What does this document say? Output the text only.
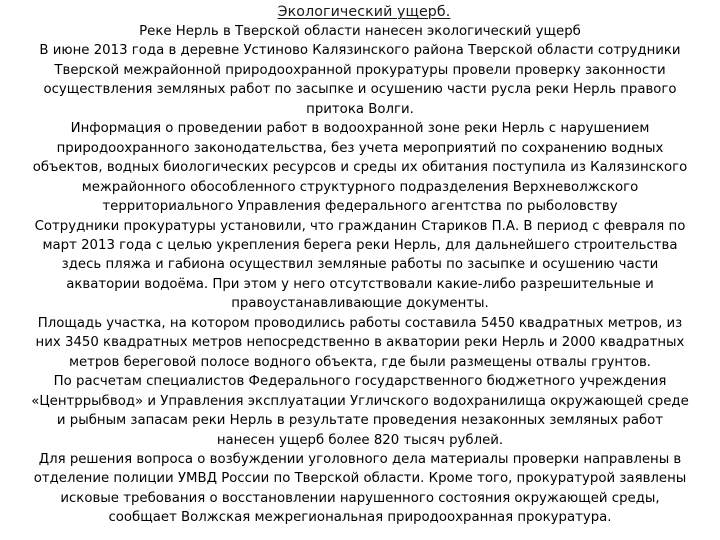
Экологический ущерб.

Реке Нерль в Тверской области нанесен экологический ущерб

В июне 2013 года в деревне Устиново Калязинского района Тверской области сотрудники Тверской межрайонной природоохранной прокуратуры провели проверку законности осуществления земляных работ по засыпке и осушению части русла реки Нерль правого притока Волги.

Информация о проведении работ в водоохранной зоне реки Нерль с нарушением природоохранного законодательства, без учета мероприятий по сохранению водных объектов, водных биологических ресурсов и среды их обитания поступила из Калязинского межрайонного обособленного структурного подразделения Верхневолжского территориального Управления федерального агентства по рыболовству

Сотрудники прокуратуры установили, что гражданин Стариков П.А. В период с февраля по март 2013 года с целью укрепления берега реки Нерль, для дальнейшего строительства здесь пляжа и габиона осуществил земляные работы по засыпке и осушению части акватории водоёма. При этом у него отсутствовали какие-либо разрешительные и правоустанавливающие документы.

Площадь участка, на котором проводились работы составила 5450 квадратных метров, из них 3450 квадратных метров непосредственно в акватории реки Нерль и 2000 квадратных метров береговой полосе водного объекта, где были размещены отвалы грунтов.

По расчетам специалистов Федерального государственного бюджетного учреждения «Центррыбвод» и Управления эксплуатации Угличского водохранилища окружающей среде и рыбным запасам реки Нерль в результате проведения незаконных земляных работ нанесен ущерб более 820 тысяч рублей.

Для решения вопроса о возбуждении уголовного дела материалы проверки направлены в отделение полиции УМВД России по Тверской области. Кроме того, прокуратурой заявлены исковые требования о восстановлении нарушенного состояния окружающей среды, сообщает Волжская межрегиональная природоохранная прокуратура.
